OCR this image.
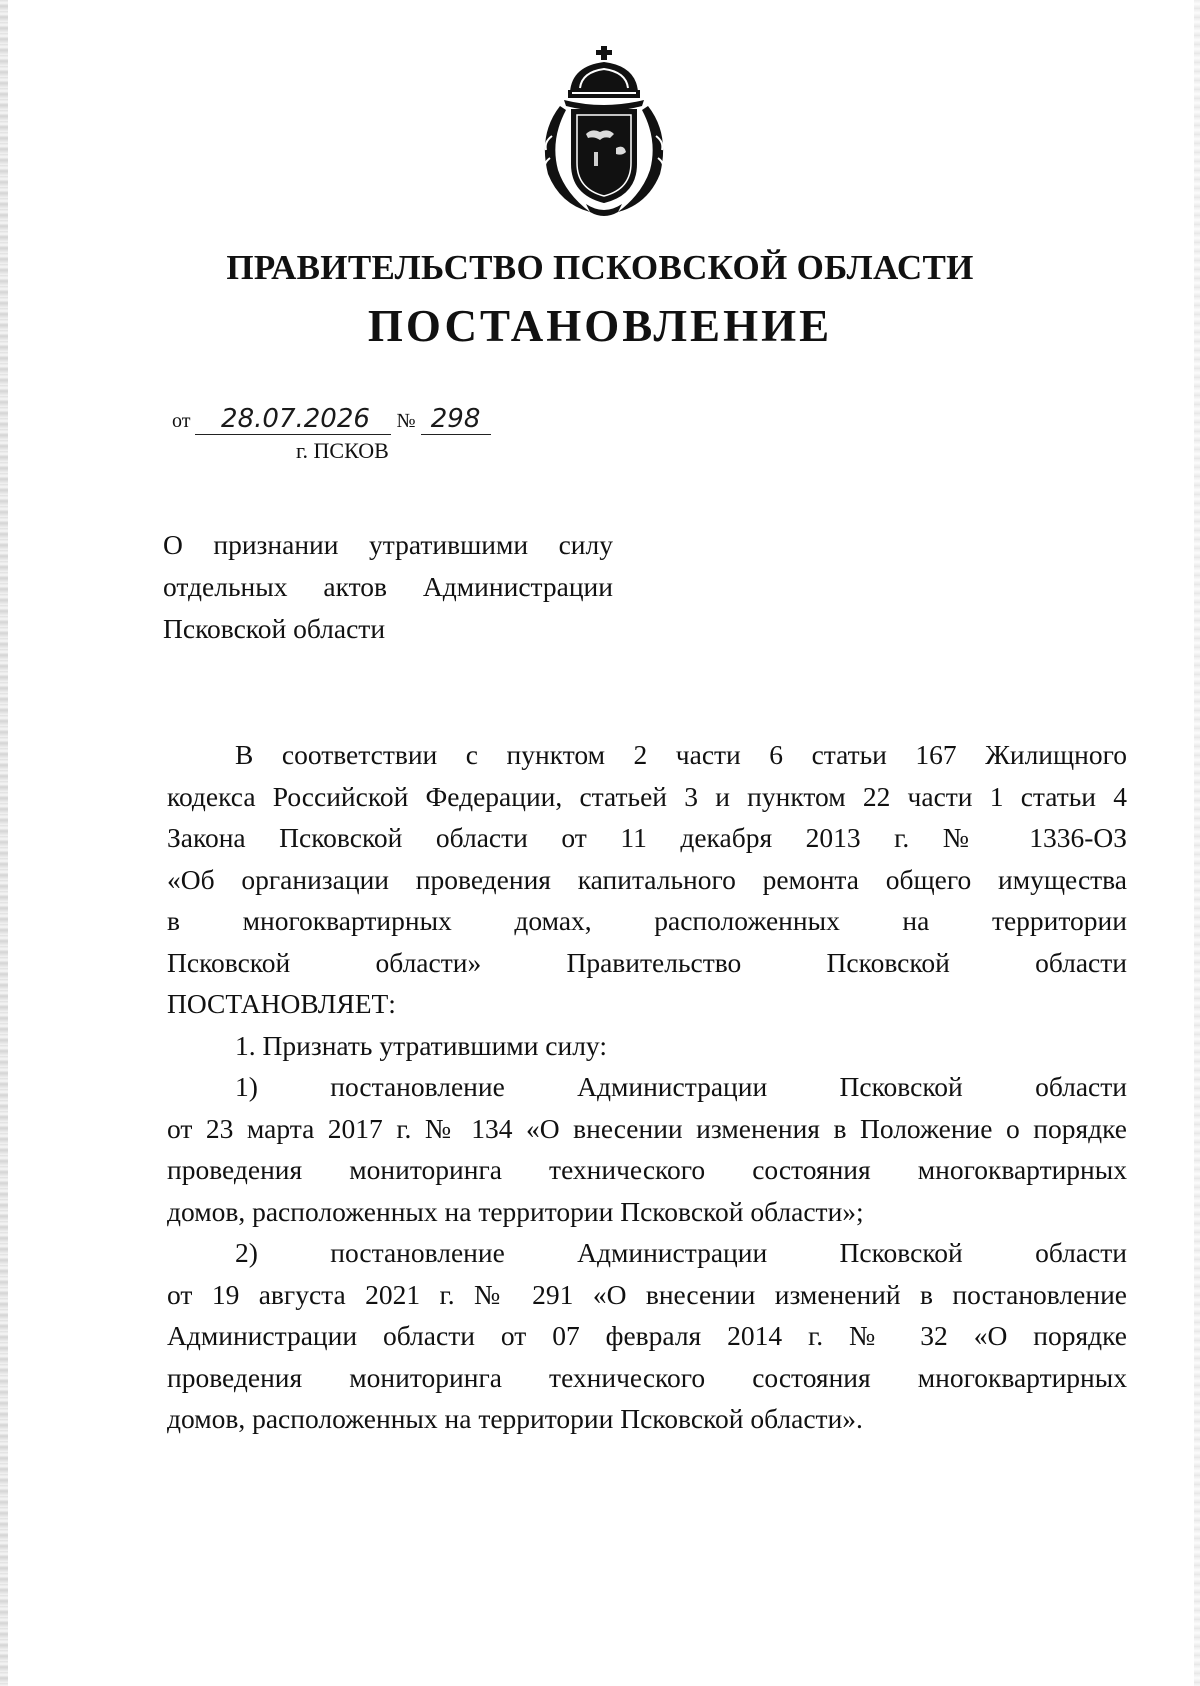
ПРАВИТЕЛЬСТВО ПСКОВСКОЙ ОБЛАСТИ
ПОСТАНОВЛЕНИЕ
от 28.07.2026 № 298
г. ПСКОВ
О признании утратившими силу
отдельных актов Администрации
Псковской области
В соответствии с пунктом 2 части 6 статьи 167 Жилищного
кодекса Российской Федерации, статьей 3 и пунктом 22 части 1 статьи 4
Закона Псковской области от 11 декабря 2013 г. № 1336-ОЗ
«Об организации проведения капитального ремонта общего имущества
в многоквартирных домах, расположенных на территории
Псковской области» Правительство Псковской области
ПОСТАНОВЛЯЕТ:
1. Признать утратившими силу:
1) постановление Администрации Псковской области
от 23 марта 2017 г. № 134 «О внесении изменения в Положение о порядке
проведения мониторинга технического состояния многоквартирных
домов, расположенных на территории Псковской области»;
2) постановление Администрации Псковской области
от 19 августа 2021 г. № 291 «О внесении изменений в постановление
Администрации области от 07 февраля 2014 г. № 32 «О порядке
проведения мониторинга технического состояния многоквартирных
домов, расположенных на территории Псковской области».
